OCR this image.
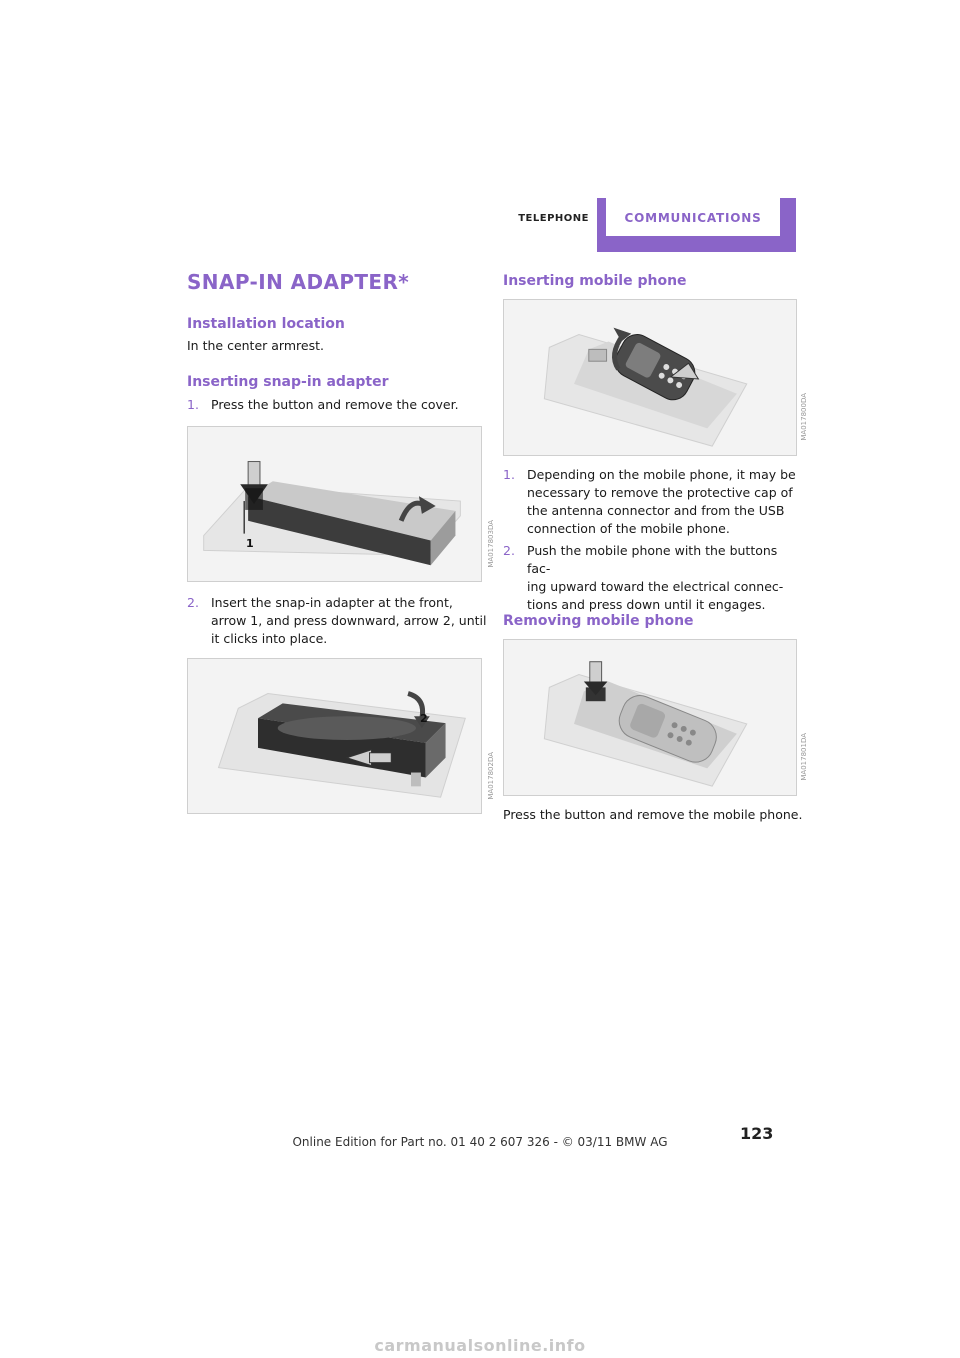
TELEPHONE	COMMUNICATIONS
SNAP-IN ADAPTER*
Installation location

In the center armrest.

Inserting snap-in adapter
1. Press the button and remove the cover.
1	MA017803DA
2. Insert the snap-in adapter at the front,
arrow 1, and press downward, arrow 2, until
it clicks into place.
2
MA017802DA
Inserting mobile phone
MA017800DA
1. Depending on the mobile phone, it may be
necessary to remove the protective cap of
the antenna connector and from the USB
connection of the mobile phone.
2. Push the mobile phone with the buttons fac-
ing upward toward the electrical connec-
tions and press down until it engages.
Removing mobile phone
MA017801DA

Press the button and remove the mobile phone.

123
Online Edition for Part no. 01 40 2 607 326 - © 03/11 BMW AG
carmanualsonline.info
